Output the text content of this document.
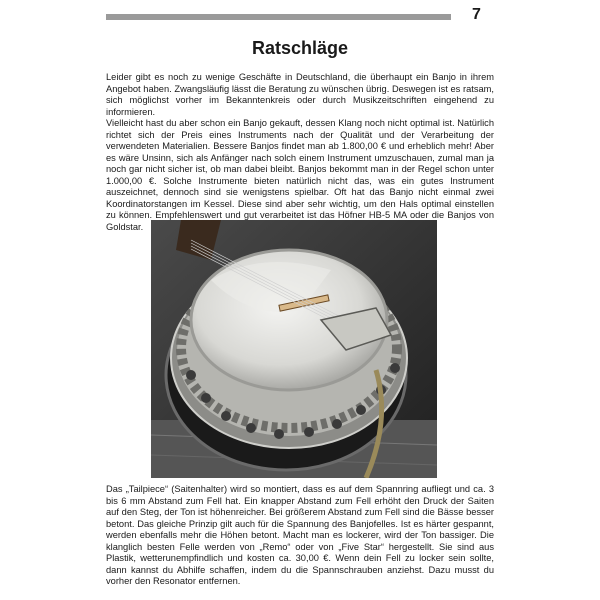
7
Ratschläge

Leider gibt es noch zu wenige Geschäfte in Deutschland, die überhaupt ein Banjo in ihrem Angebot haben. Zwangsläufig lässt die Beratung zu wünschen übrig. Deswegen ist es ratsam, sich möglichst vorher im Bekanntenkreis oder durch Musikzeitschriften eingehend zu informieren.

Vielleicht hast du aber schon ein Banjo gekauft, dessen Klang noch nicht optimal ist. Natürlich richtet sich der Preis eines Instruments nach der Qualität und der Verarbeitung der verwendeten Materialien. Bessere Banjos findet man ab 1.800,00 € und erheblich mehr! Aber es wäre Unsinn, sich als Anfänger nach solch einem Instrument umzuschauen, zumal man ja noch gar nicht sicher ist, ob man dabei bleibt. Banjos bekommt man in der Regel schon unter 1.000,00 €. Solche Instrumente bieten natürlich nicht das, was ein gutes Instrument auszeichnet, dennoch sind sie wenigstens spielbar. Oft hat das Banjo nicht einmal zwei Koordinatorstangen im Kessel. Diese sind aber sehr wichtig, um den Hals optimal einstellen zu können. Empfehlenswert und gut verarbeitet ist das Höfner HB-5 MA oder die Banjos von Goldstar.

Das „Tailpiece“ (Saitenhalter) wird so montiert, dass es auf dem Spannring aufliegt und ca. 3 bis 6 mm Abstand zum Fell hat. Ein knapper Abstand zum Fell erhöht den Druck der Saiten auf den Steg, der Ton ist höhenreicher. Bei größerem Abstand zum Fell sind die Bässe besser betont. Das gleiche Prinzip gilt auch für die Spannung des Banjofelles. Ist es härter gespannt, werden ebenfalls mehr die Höhen betont. Macht man es lockerer, wird der Ton bassiger. Die klanglich besten Felle werden von „Remo“ oder von „Five Star“ hergestellt. Sie sind aus Plastik, wetterunempfindlich und kosten ca. 30,00 €. Wenn dein Fell zu locker sein sollte, dann kannst du Abhilfe schaffen, indem du die Spannschrauben anziehst. Dazu musst du vorher den Resonator entfernen.
